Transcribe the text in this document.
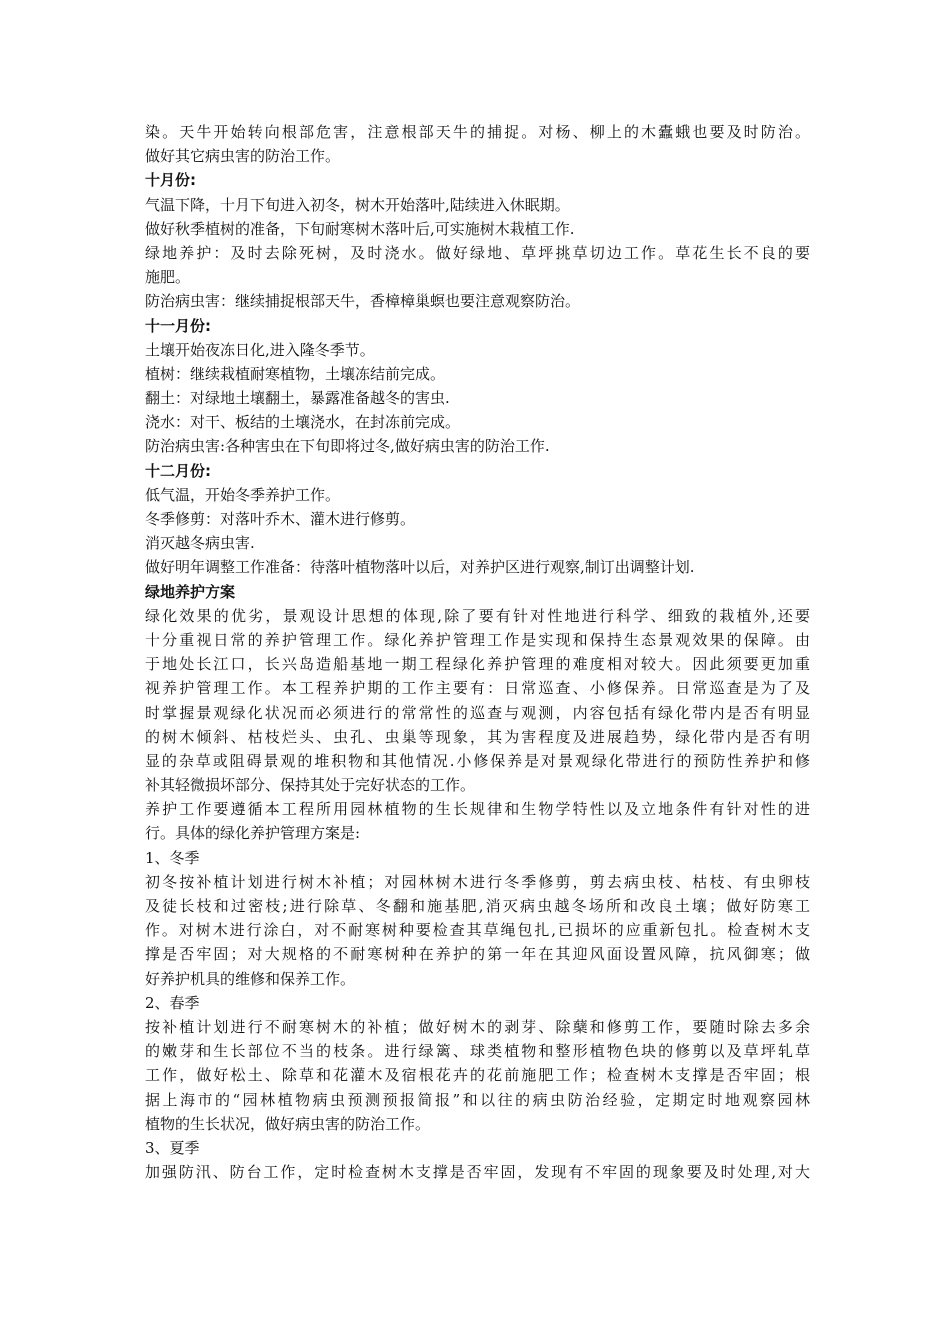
染。天牛开始转向根部危害，注意根部天牛的捕捉。对杨、柳上的木蠹蛾也要及时防治。
做好其它病虫害的防治工作。
十月份:
气温下降，十月下旬进入初冬，树木开始落叶,陆续进入休眠期。
做好秋季植树的准备，下旬耐寒树木落叶后,可实施树木栽植工作.
绿地养护：及时去除死树，及时浇水。做好绿地、草坪挑草切边工作。草花生长不良的要
施肥。
防治病虫害：继续捕捉根部天牛，香樟樟巢螟也要注意观察防治。
十一月份:
土壤开始夜冻日化,进入隆冬季节。
植树：继续栽植耐寒植物，土壤冻结前完成。
翻土：对绿地土壤翻土，暴露准备越冬的害虫.
浇水：对干、板结的土壤浇水，在封冻前完成。
防治病虫害:各种害虫在下旬即将过冬,做好病虫害的防治工作.
十二月份:
低气温，开始冬季养护工作。
冬季修剪：对落叶乔木、灌木进行修剪。
消灭越冬病虫害.
做好明年调整工作准备：待落叶植物落叶以后，对养护区进行观察,制订出调整计划.
绿地养护方案
绿化效果的优劣，景观设计思想的体现,除了要有针对性地进行科学、细致的栽植外,还要
十分重视日常的养护管理工作。绿化养护管理工作是实现和保持生态景观效果的保障。由
于地处长江口，长兴岛造船基地一期工程绿化养护管理的难度相对较大。因此须要更加重
视养护管理工作。本工程养护期的工作主要有：日常巡查、小修保养。日常巡查是为了及
时掌握景观绿化状况而必须进行的常常性的巡查与观测，内容包括有绿化带内是否有明显
的树木倾斜、枯枝烂头、虫孔、虫巢等现象，其为害程度及进展趋势，绿化带内是否有明
显的杂草或阻碍景观的堆积物和其他情况.小修保养是对景观绿化带进行的预防性养护和修
补其轻微损坏部分、保持其处于完好状态的工作。
养护工作要遵循本工程所用园林植物的生长规律和生物学特性以及立地条件有针对性的进
行。具体的绿化养护管理方案是:
1、冬季
初冬按补植计划进行树木补植；对园林树木进行冬季修剪，剪去病虫枝、枯枝、有虫卵枝
及徒长枝和过密枝;进行除草、冬翻和施基肥,消灭病虫越冬场所和改良土壤；做好防寒工
作。对树木进行涂白，对不耐寒树种要检查其草绳包扎,已损坏的应重新包扎。检查树木支
撑是否牢固；对大规格的不耐寒树种在养护的第一年在其迎风面设置风障，抗风御寒；做
好养护机具的维修和保养工作。
2、春季
按补植计划进行不耐寒树木的补植；做好树木的剥芽、除蘖和修剪工作，要随时除去多余
的嫩芽和生长部位不当的枝条。进行绿篱、球类植物和整形植物色块的修剪以及草坪轧草
工作，做好松土、除草和花灌木及宿根花卉的花前施肥工作；检查树木支撑是否牢固；根
据上海市的“园林植物病虫预测预报简报”和以往的病虫防治经验，定期定时地观察园林
植物的生长状况，做好病虫害的防治工作。
3、夏季
加强防汛、防台工作，定时检查树木支撑是否牢固，发现有不牢固的现象要及时处理,对大
